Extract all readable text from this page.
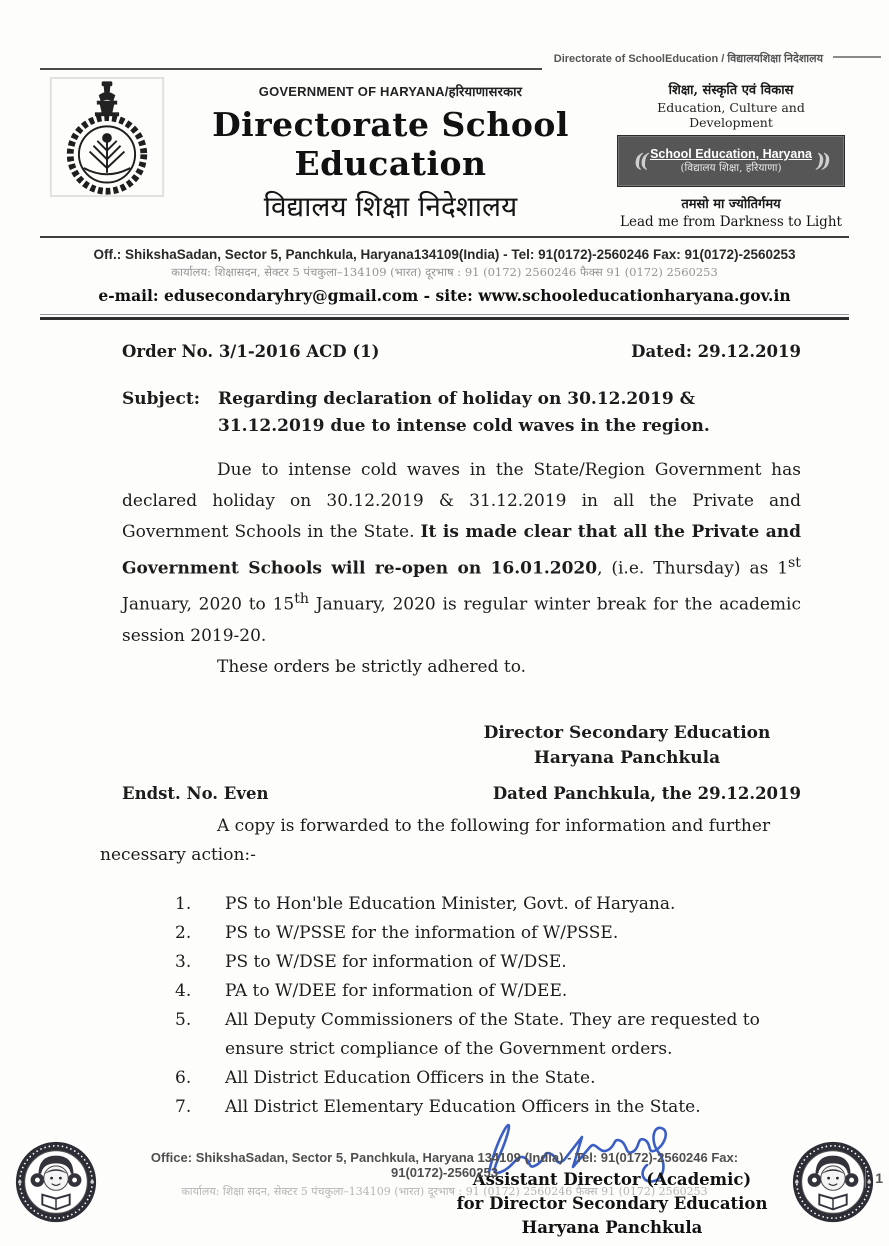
Directorate of SchoolEducation / विद्यालयशिक्षा निदेशालय
GOVERNMENT OF HARYANA/हरियाणासरकार
Directorate School Education
विद्यालय शिक्षा निदेशालय
शिक्षा, संस्कृति एवं विकास
Education, Culture and Development
(( School Education, Haryana
(विद्यालय शिक्षा, हरियाणा)	))
तमसो मा ज्योतिर्गमय
Lead me from Darkness to Light
Off.: ShikshaSadan, Sector 5, Panchkula, Haryana134109(India) - Tel: 91(0172)-2560246 Fax: 91(0172)-2560253
कार्यालय: शिक्षासदन, सेक्टर 5 पंचकुला–134109 (भारत) दूरभाष : 91 (0172) 2560246 फैक्स 91 (0172) 2560253
e-mail: edusecondaryhry@gmail.com - site: www.schooleducationharyana.gov.in
Order No. 3/1-2016 ACD (1)	Dated: 29.12.2019
Subject:	Regarding declaration of holiday on 30.12.2019 & 31.12.2019 due to intense cold waves in the region.
Due to intense cold waves in the State/Region Government has declared holiday on 30.12.2019 & 31.12.2019 in all the Private and Government Schools in the State. It is made clear that all the Private and Government Schools will re-open on 16.01.2020, (i.e. Thursday) as 1st January, 2020 to 15th January, 2020 is regular winter break for the academic session 2019-20.
These orders be strictly adhered to.
Director Secondary Education
Haryana Panchkula
Endst. No. Even	Dated Panchkula, the 29.12.2019
A copy is forwarded to the following for information and further
necessary action:-
1.	PS to Hon'ble Education Minister, Govt. of Haryana.
2.	PS to W/PSSE for the information of W/PSSE.
3.	PS to W/DSE for information of W/DSE.
4.	PA to W/DEE for information of W/DEE.
5.	All Deputy Commissioners of the State. They are requested to ensure strict compliance of the Government orders.
6.	All District Education Officers in the State.
7.	All District Elementary Education Officers in the State.
Assistant Director (Academic)
for Director Secondary Education
Haryana Panchkula
Office: ShikshaSadan, Sector 5, Panchkula, Haryana 134109 (India) - Tel: 91(0172)-2560246 Fax: 91(0172)-2560253
कार्यालय: शिक्षा सदन, सेक्टर 5 पंचकुला–134109 (भारत) दूरभाष : 91 (0172) 2560246 फैक्स 91 (0172) 2560253
1
